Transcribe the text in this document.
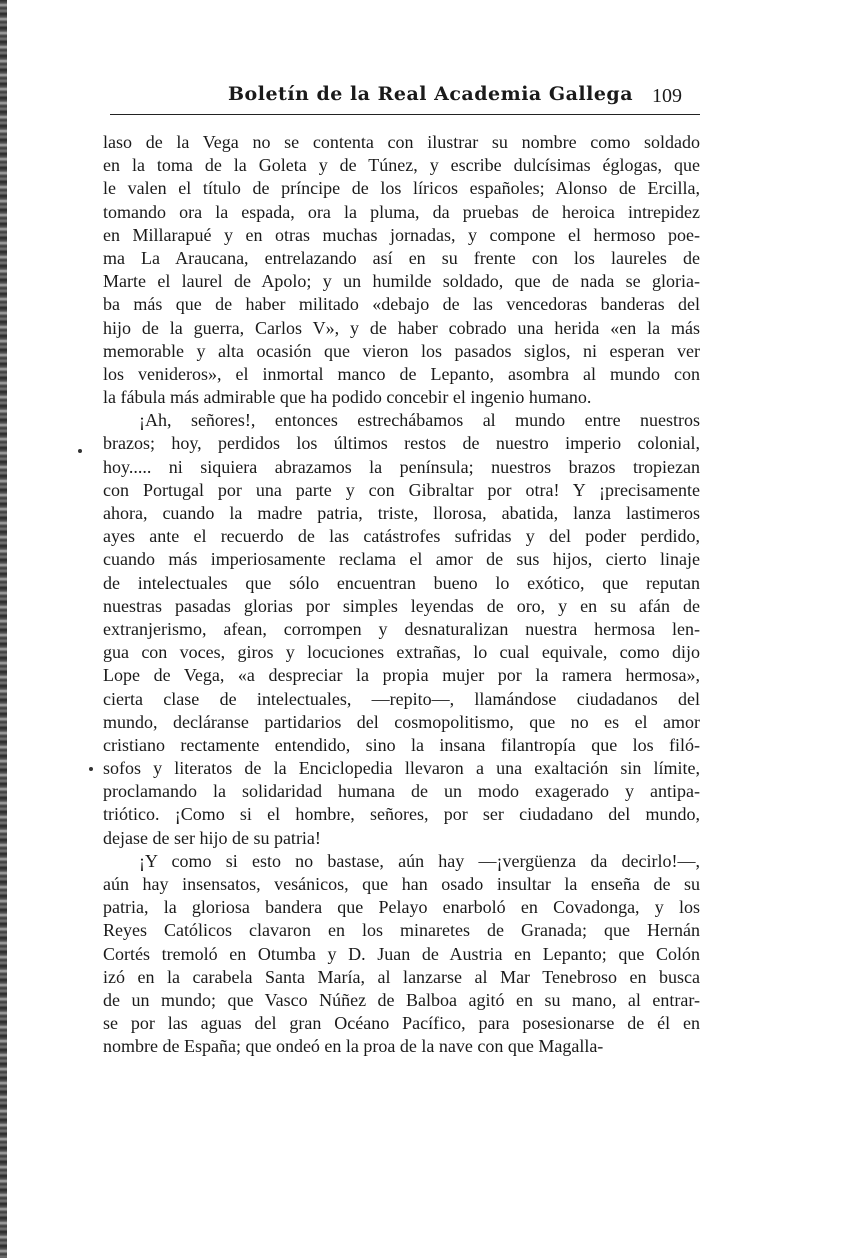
Boletín de la Real Academia Gallega 109
laso de la Vega no se contenta con ilustrar su nombre como soldado
en la toma de la Goleta y de Túnez, y escribe dulcísimas églogas, que
le valen el título de príncipe de los líricos españoles; Alonso de Ercilla,
tomando ora la espada, ora la pluma, da pruebas de heroica intrepidez
en Millarapué y en otras muchas jornadas, y compone el hermoso poe-
ma La Araucana, entrelazando así en su frente con los laureles de
Marte el laurel de Apolo; y un humilde soldado, que de nada se gloria-
ba más que de haber militado «debajo de las vencedoras banderas del
hijo de la guerra, Carlos V», y de haber cobrado una herida «en la más
memorable y alta ocasión que vieron los pasados siglos, ni esperan ver
los venideros», el inmortal manco de Lepanto, asombra al mundo con
la fábula más admirable que ha podido concebir el ingenio humano.
¡Ah, señores!, entonces estrechábamos al mundo entre nuestros
brazos; hoy, perdidos los últimos restos de nuestro imperio colonial,
hoy..... ni siquiera abrazamos la península; nuestros brazos tropiezan
con Portugal por una parte y con Gibraltar por otra! Y ¡precisamente
ahora, cuando la madre patria, triste, llorosa, abatida, lanza lastimeros
ayes ante el recuerdo de las catástrofes sufridas y del poder perdido,
cuando más imperiosamente reclama el amor de sus hijos, cierto linaje
de intelectuales que sólo encuentran bueno lo exótico, que reputan
nuestras pasadas glorias por simples leyendas de oro, y en su afán de
extranjerismo, afean, corrompen y desnaturalizan nuestra hermosa len-
gua con voces, giros y locuciones extrañas, lo cual equivale, como dijo
Lope de Vega, «a despreciar la propia mujer por la ramera hermosa»,
cierta clase de intelectuales, —repito—, llamándose ciudadanos del
mundo, decláranse partidarios del cosmopolitismo, que no es el amor
cristiano rectamente entendido, sino la insana filantropía que los filó-
sofos y literatos de la Enciclopedia llevaron a una exaltación sin límite,
proclamando la solidaridad humana de un modo exagerado y antipa-
triótico. ¡Como si el hombre, señores, por ser ciudadano del mundo,
dejase de ser hijo de su patria!
¡Y como si esto no bastase, aún hay —¡vergüenza da decirlo!—,
aún hay insensatos, vesánicos, que han osado insultar la enseña de su
patria, la gloriosa bandera que Pelayo enarboló en Covadonga, y los
Reyes Católicos clavaron en los minaretes de Granada; que Hernán
Cortés tremoló en Otumba y D. Juan de Austria en Lepanto; que Colón
izó en la carabela Santa María, al lanzarse al Mar Tenebroso en busca
de un mundo; que Vasco Núñez de Balboa agitó en su mano, al entrar-
se por las aguas del gran Océano Pacífico, para posesionarse de él en
nombre de España; que ondeó en la proa de la nave con que Magalla-
